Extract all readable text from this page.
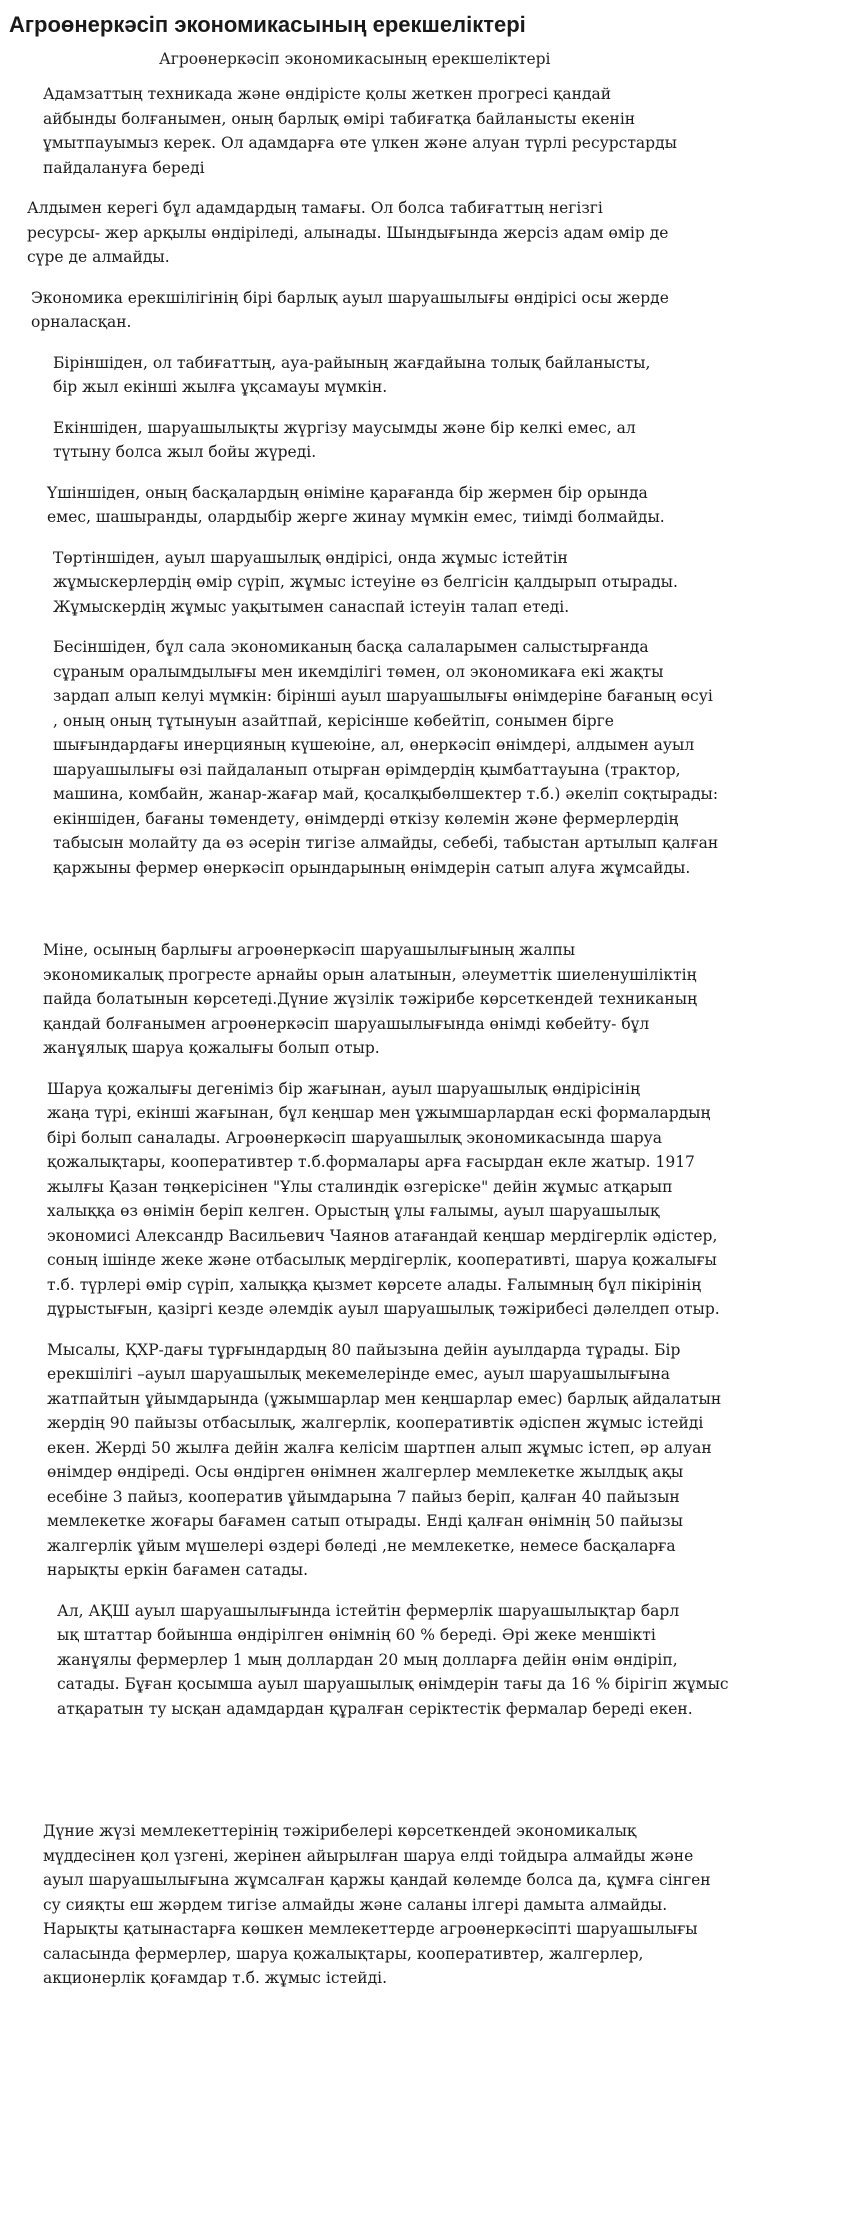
Агроөнеркәсіп экономикасының ерекшеліктері
Агроөнеркәсіп экономикасының ерекшеліктері

Адамзаттың техникада және өндірісте қолы жеткен прогресі қандай
айбынды болғанымен, оның барлық өмірі табиғатқа байланысты екенін
ұмытпауымыз керек. Ол адамдарға өте үлкен және алуан түрлі ресурстарды
пайдалануға береді

Алдымен керегі бұл адамдардың тамағы. Ол болса табиғаттың негізгі
ресурсы- жер арқылы өндіріледі, алынады. Шындығында жерсіз адам өмір де
сүре де алмайды.

Экономика ерекшілігінің бірі барлық ауыл шаруашылығы өндірісі осы жерде
орналасқан.

Біріншіден, ол табиғаттың, ауа-райының жағдайына толық байланысты,
бір жыл екінші жылға ұқсамауы мүмкін.

Екіншіден, шаруашылықты жүргізу маусымды және бір келкі емес, ал
түтыну болса жыл бойы жүреді.

Үшіншіден, оның басқалардың өніміне қарағанда бір жермен бір орында
емес, шашыранды, олардыбір жерге жинау мүмкін емес, тиімді болмайды.

Төртіншіден, ауыл шаруашылық өндірісі, онда жұмыс істейтін
жұмыскерлердің өмір сүріп, жұмыс істеуіне өз белгісін қалдырып отырады.
Жұмыскердің жұмыс уақытымен санаспай істеуін талап етеді.

Бесіншіден, бұл сала экономиканың басқа салаларымен салыстырғанда
сұраным оралымдылығы мен икемділігі төмен, ол экономикаға екі жақты
зардап алып келуі мүмкін: бірінші ауыл шаруашылығы өнімдеріне бағаның өсуі
, оның оның тұтынуын азайтпай, керісінше көбейтіп, сонымен бірге
шығындардағы инерцияның күшеюіне, ал, өнеркәсіп өнімдері, алдымен ауыл
шаруашылығы өзі пайдаланып отырған өрімдердің қымбаттауына (трактор,
машина, комбайн, жанар-жағар май, қосалқыбөлшектер т.б.) әкеліп соқтырады:
екіншіден, бағаны төмендету, өнімдерді өткізу көлемін және фермерлердің
табысын молайту да өз әсерін тигізе алмайды, себебі, табыстан артылып қалған
қаржыны фермер өнеркәсіп орындарының өнімдерін сатып алуға жұмсайды.

Міне, осының барлығы агроөнеркәсіп шаруашылығының жалпы
экономикалық прогресте арнайы орын алатынын, әлеуметтік шиеленушіліктің
пайда болатынын көрсетеді.Дүние жүзілік тәжірибе көрсеткендей техниканың
қандай болғанымен агроөнеркәсіп шаруашылығында өнімді көбейту- бұл
жанұялық шаруа қожалығы болып отыр.

Шаруа қожалығы дегеніміз бір жағынан, ауыл шаруашылық өндірісінің
жаңа түрі, екінші жағынан, бұл кеңшар мен ұжымшарлардан ескі формалардың
бірі болып саналады. Агроөнеркәсіп шаруашылық экономикасында шаруа
қожалықтары, кооперативтер т.б.формалары арға ғасырдан екле жатыр. 1917
жылғы Қазан төңкерісінен "Ұлы сталиндік өзгеріске" дейін жұмыс атқарып
халыққа өз өнімін беріп келген. Орыстың ұлы ғалымы, ауыл шаруашылық
экономисі Александр Васильевич Чаянов атағандай кеңшар мердігерлік әдістер,
соның ішінде жеке және отбасылық мердігерлік, кооперативті, шаруа қожалығы
т.б. түрлері өмір сүріп, халыққа қызмет көрсете алады. Ғалымның бұл пікірінің
дұрыстығын, қазіргі кезде әлемдік ауыл шаруашылық тәжірибесі дәлелдеп отыр.

Мысалы, ҚХР-дағы тұрғындардың 80 пайызына дейін ауылдарда тұрады. Бір
ерекшілігі –ауыл шаруашылық мекемелерінде емес, ауыл шаруашылығына
жатпайтын ұйымдарында (ұжымшарлар мен кеңшарлар емес) барлық айдалатын
жердің 90 пайызы отбасылық, жалгерлік, кооперативтік әдіспен жұмыс істейді
екен. Жерді 50 жылға дейін жалға келісім шартпен алып жұмыс істеп, әр алуан
өнімдер өндіреді. Осы өндірген өнімнен жалгерлер мемлекетке жылдық ақы
есебіне 3 пайыз, кооператив ұйымдарына 7 пайыз беріп, қалған 40 пайызын
мемлекетке жоғары бағамен сатып отырады. Енді қалған өнімнің 50 пайызы
жалгерлік ұйым мүшелері өздері бөледі ,не мемлекетке, немесе басқаларға
нарықты еркін бағамен сатады.

Ал, АҚШ ауыл шаруашылығында істейтін фермерлік шаруашылықтар барл
ық штаттар бойынша өндірілген өнімнің 60 % береді. Әрі жеке меншікті
жанұялы фермерлер 1 мың доллардан 20 мың долларға дейін өнім өндіріп,
сатады. Бұған қосымша ауыл шаруашылық өнімдерін тағы да 16 % бірігіп жұмыс
атқаратын ту ысқан адамдардан құралған серіктестік фермалар береді екен.

Дүние жүзі мемлекеттерінің тәжірибелері көрсеткендей экономикалық
мүддесінен қол үзгені, жерінен айырылған шаруа елді тойдыра алмайды және
ауыл шаруашылығына жұмсалған қаржы қандай көлемде болса да, құмға сінген
су сияқты еш жәрдем тигізе алмайды және саланы ілгері дамыта алмайды.
Нарықты қатынастарға көшкен мемлекеттерде агроөнеркәсіпті шаруашылығы
саласында фермерлер, шаруа қожалықтары, кооперативтер, жалгерлер,
акционерлік қоғамдар т.б. жұмыс істейді.
